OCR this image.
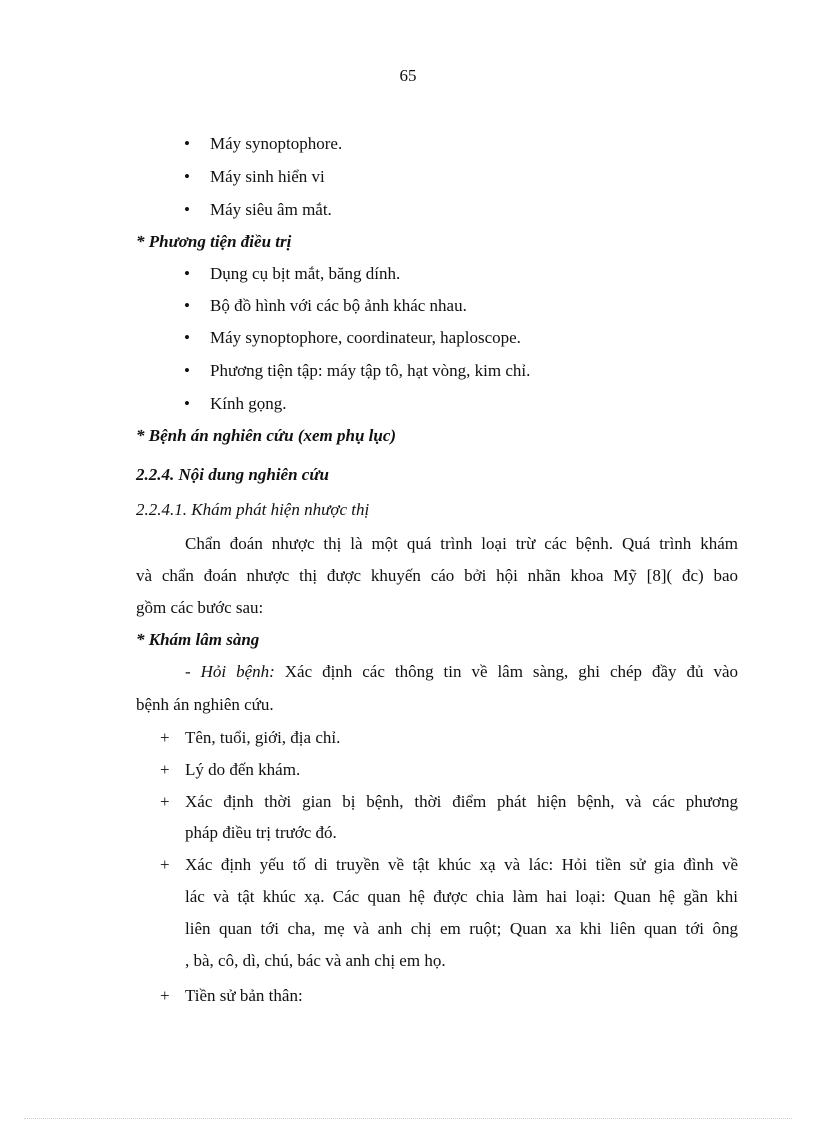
65
• Máy synoptophore.
• Máy sinh hiển vi
• Máy siêu âm mắt.
* Phương tiện điều trị
• Dụng cụ bịt mắt, băng dính.
• Bộ đồ hình với các bộ ảnh khác nhau.
• Máy synoptophore, coordinateur, haploscope.
• Phương tiện tập: máy tập tô, hạt vòng, kim chỉ.
• Kính gọng.
* Bệnh án nghiên cứu (xem phụ lục)
2.2.4. Nội dung nghiên cứu
2.2.4.1. Khám phát hiện nhược thị
Chẩn đoán nhược thị là một quá trình loại trừ các bệnh. Quá trình khám
và chẩn đoán nhược thị được khuyến cáo bởi hội nhãn khoa Mỹ [8]( đc) bao
gồm các bước sau:
* Khám lâm sàng
- Hỏi bệnh: Xác định các thông tin về lâm sàng, ghi chép đầy đủ vào
bệnh án nghiên cứu.
+ Tên, tuổi, giới, địa chỉ.
+ Lý do đến khám.
+ Xác định thời gian bị bệnh, thời điểm phát hiện bệnh, và các phương
pháp điều trị trước đó.
+ Xác định yếu tố di truyền về tật khúc xạ và lác: Hỏi tiền sử gia đình về
lác và tật khúc xạ. Các quan hệ được chia làm hai loại: Quan hệ gần khi
liên quan tới cha, mẹ và anh chị em ruột; Quan xa khi liên quan tới ông
, bà, cô, dì, chú, bác và anh chị em họ.
+ Tiền sử bản thân:
